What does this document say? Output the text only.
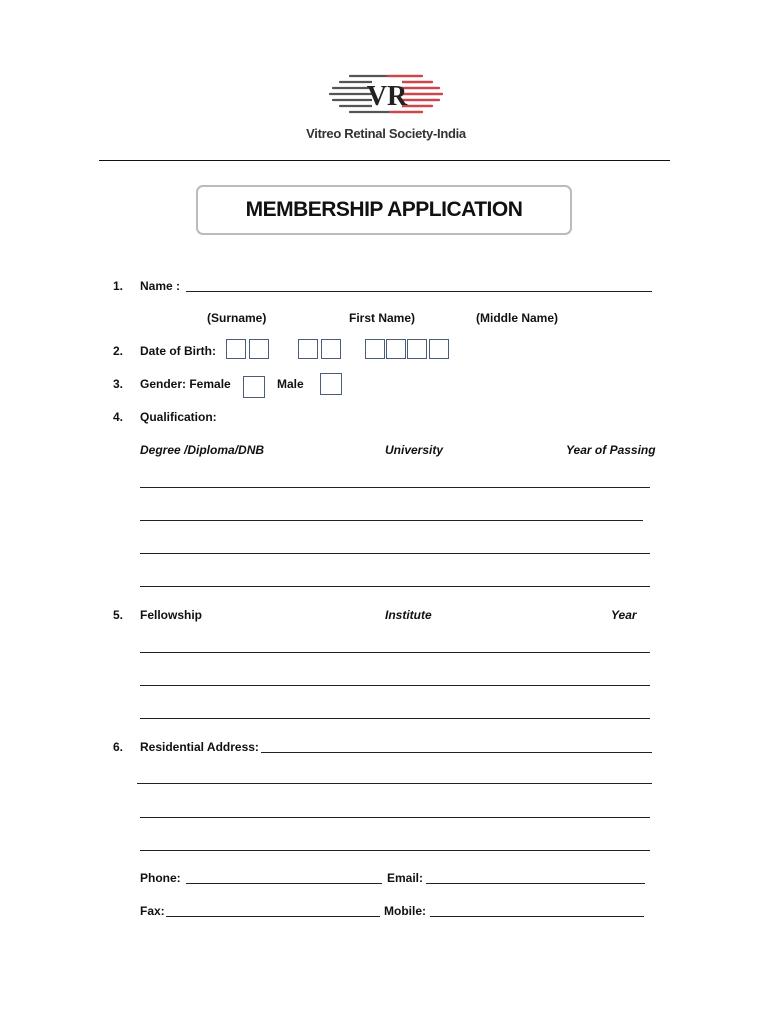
VR
Vitreo Retinal Society-India
MEMBERSHIP APPLICATION
1. Name :
(Surname)	First Name)	(Middle Name)
2. Date of Birth:
3. Gender: Female	Male
4. Qualification:
Degree /Diploma/DNB	University	Year of Passing
5. Fellowship	Institute	Year
6. Residential Address:
Phone:	Email:
Fax:	Mobile:
